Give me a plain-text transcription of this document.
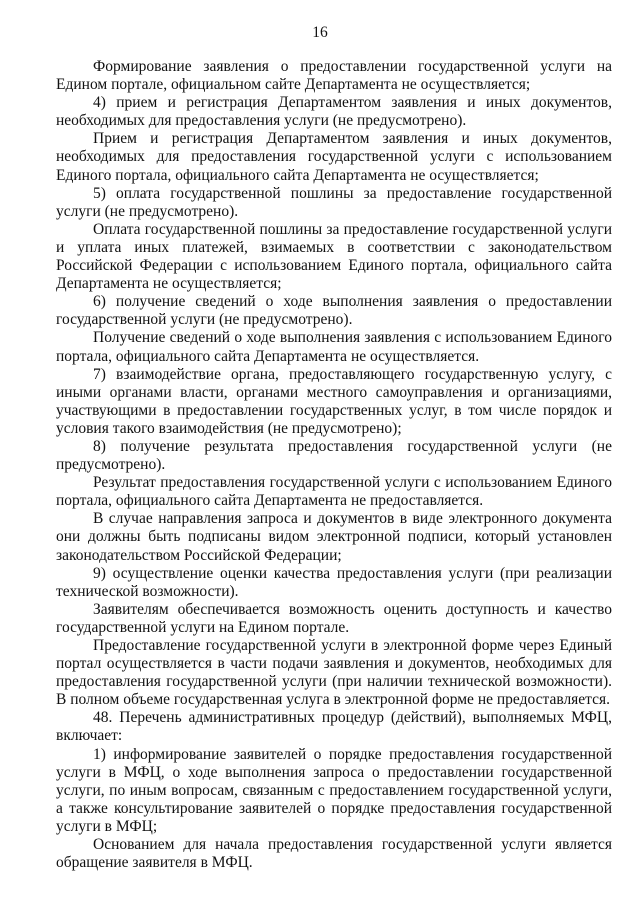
16

Формирование заявления о предоставлении государственной услуги на Едином портале, официальном сайте Департамента не осуществляется;

4) прием и регистрация Департаментом заявления и иных документов, необходимых для предоставления услуги (не предусмотрено).

Прием и регистрация Департаментом заявления и иных документов, необходимых для предоставления государственной услуги с использованием Единого портала, официального сайта Департамента не осуществляется;

5) оплата государственной пошлины за предоставление государственной услуги (не предусмотрено).

Оплата государственной пошлины за предоставление государственной услуги и уплата иных платежей, взимаемых в соответствии с законодательством Российской Федерации с использованием Единого портала, официального сайта Департамента не осуществляется;

6) получение сведений о ходе выполнения заявления о предоставлении государственной услуги (не предусмотрено).

Получение сведений о ходе выполнения заявления с использованием Единого портала, официального сайта Департамента не осуществляется.

7) взаимодействие органа, предоставляющего государственную услугу, с иными органами власти, органами местного самоуправления и организациями, участвующими в предоставлении государственных услуг, в том числе порядок и условия такого взаимодействия (не предусмотрено);

8) получение результата предоставления государственной услуги (не предусмотрено).

Результат предоставления государственной услуги с использованием Единого портала, официального сайта Департамента не предоставляется.

В случае направления запроса и документов в виде электронного документа они должны быть подписаны видом электронной подписи, который установлен законодательством Российской Федерации;

9) осуществление оценки качества предоставления услуги (при реализации технической возможности).

Заявителям обеспечивается возможность оценить доступность и качество государственной услуги на Едином портале.

Предоставление государственной услуги в электронной форме через Единый портал осуществляется в части подачи заявления и документов, необходимых для предоставления государственной услуги (при наличии технической возможности). В полном объеме государственная услуга в электронной форме не предоставляется.

48. Перечень административных процедур (действий), выполняемых МФЦ, включает:

1) информирование заявителей о порядке предоставления государственной услуги в МФЦ, о ходе выполнения запроса о предоставлении государственной услуги, по иным вопросам, связанным с предоставлением государственной услуги, а также консультирование заявителей о порядке предоставления государственной услуги в МФЦ;

Основанием для начала предоставления государственной услуги является обращение заявителя в МФЦ.
